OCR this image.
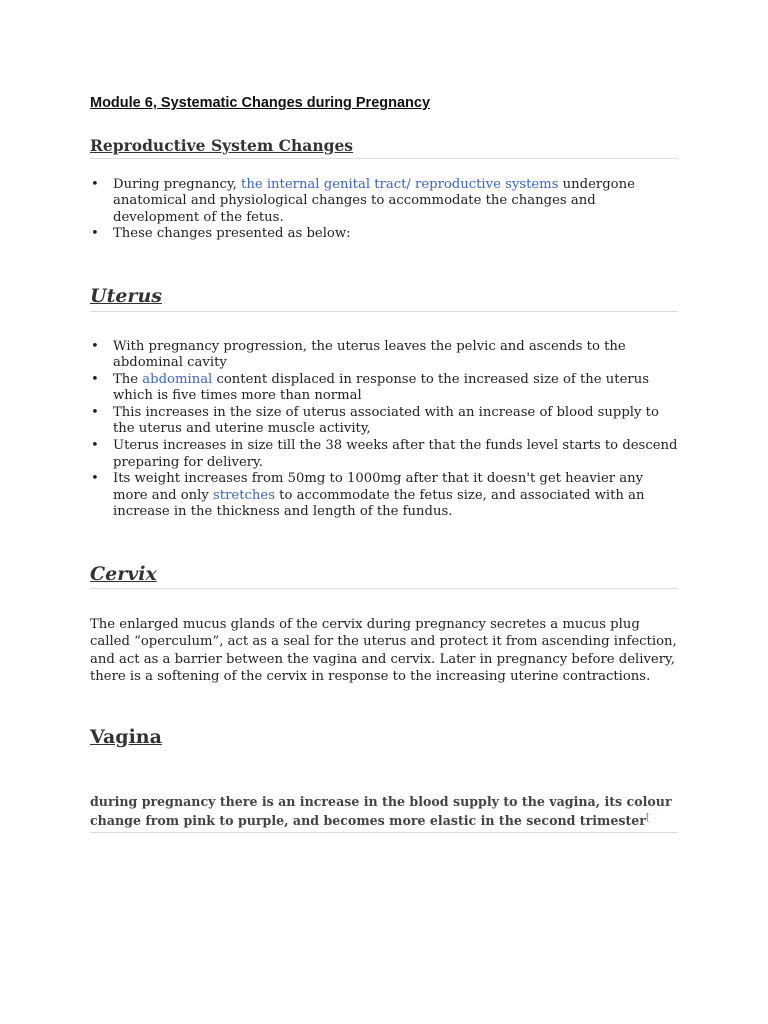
Module 6, Systematic Changes during Pregnancy
Reproductive System Changes
• During pregnancy, the internal genital tract/ reproductive systems undergone anatomical and physiological changes to accommodate the changes and development of the fetus.
• These changes presented as below:
Uterus
• With pregnancy progression, the uterus leaves the pelvic and ascends to the abdominal cavity
• The abdominal content displaced in response to the increased size of the uterus which is five times more than normal
• This increases in the size of uterus associated with an increase of blood supply to the uterus and uterine muscle activity,
• Uterus increases in size till the 38 weeks after that the funds level starts to descend preparing for delivery.
• Its weight increases from 50mg to 1000mg after that it doesn't get heavier any more and only stretches to accommodate the fetus size, and associated with an increase in the thickness and length of the fundus.
Cervix

The enlarged mucus glands of the cervix during pregnancy secretes a mucus plug called “operculum”, act as a seal for the uterus and protect it from ascending infection, and act as a barrier between the vagina and cervix. Later in pregnancy before delivery, there is a softening of the cervix in response to the increasing uterine contractions.

Vagina

during pregnancy there is an increase in the blood supply to the vagina, its colour change from pink to purple, and becomes more elastic in the second trimester[
